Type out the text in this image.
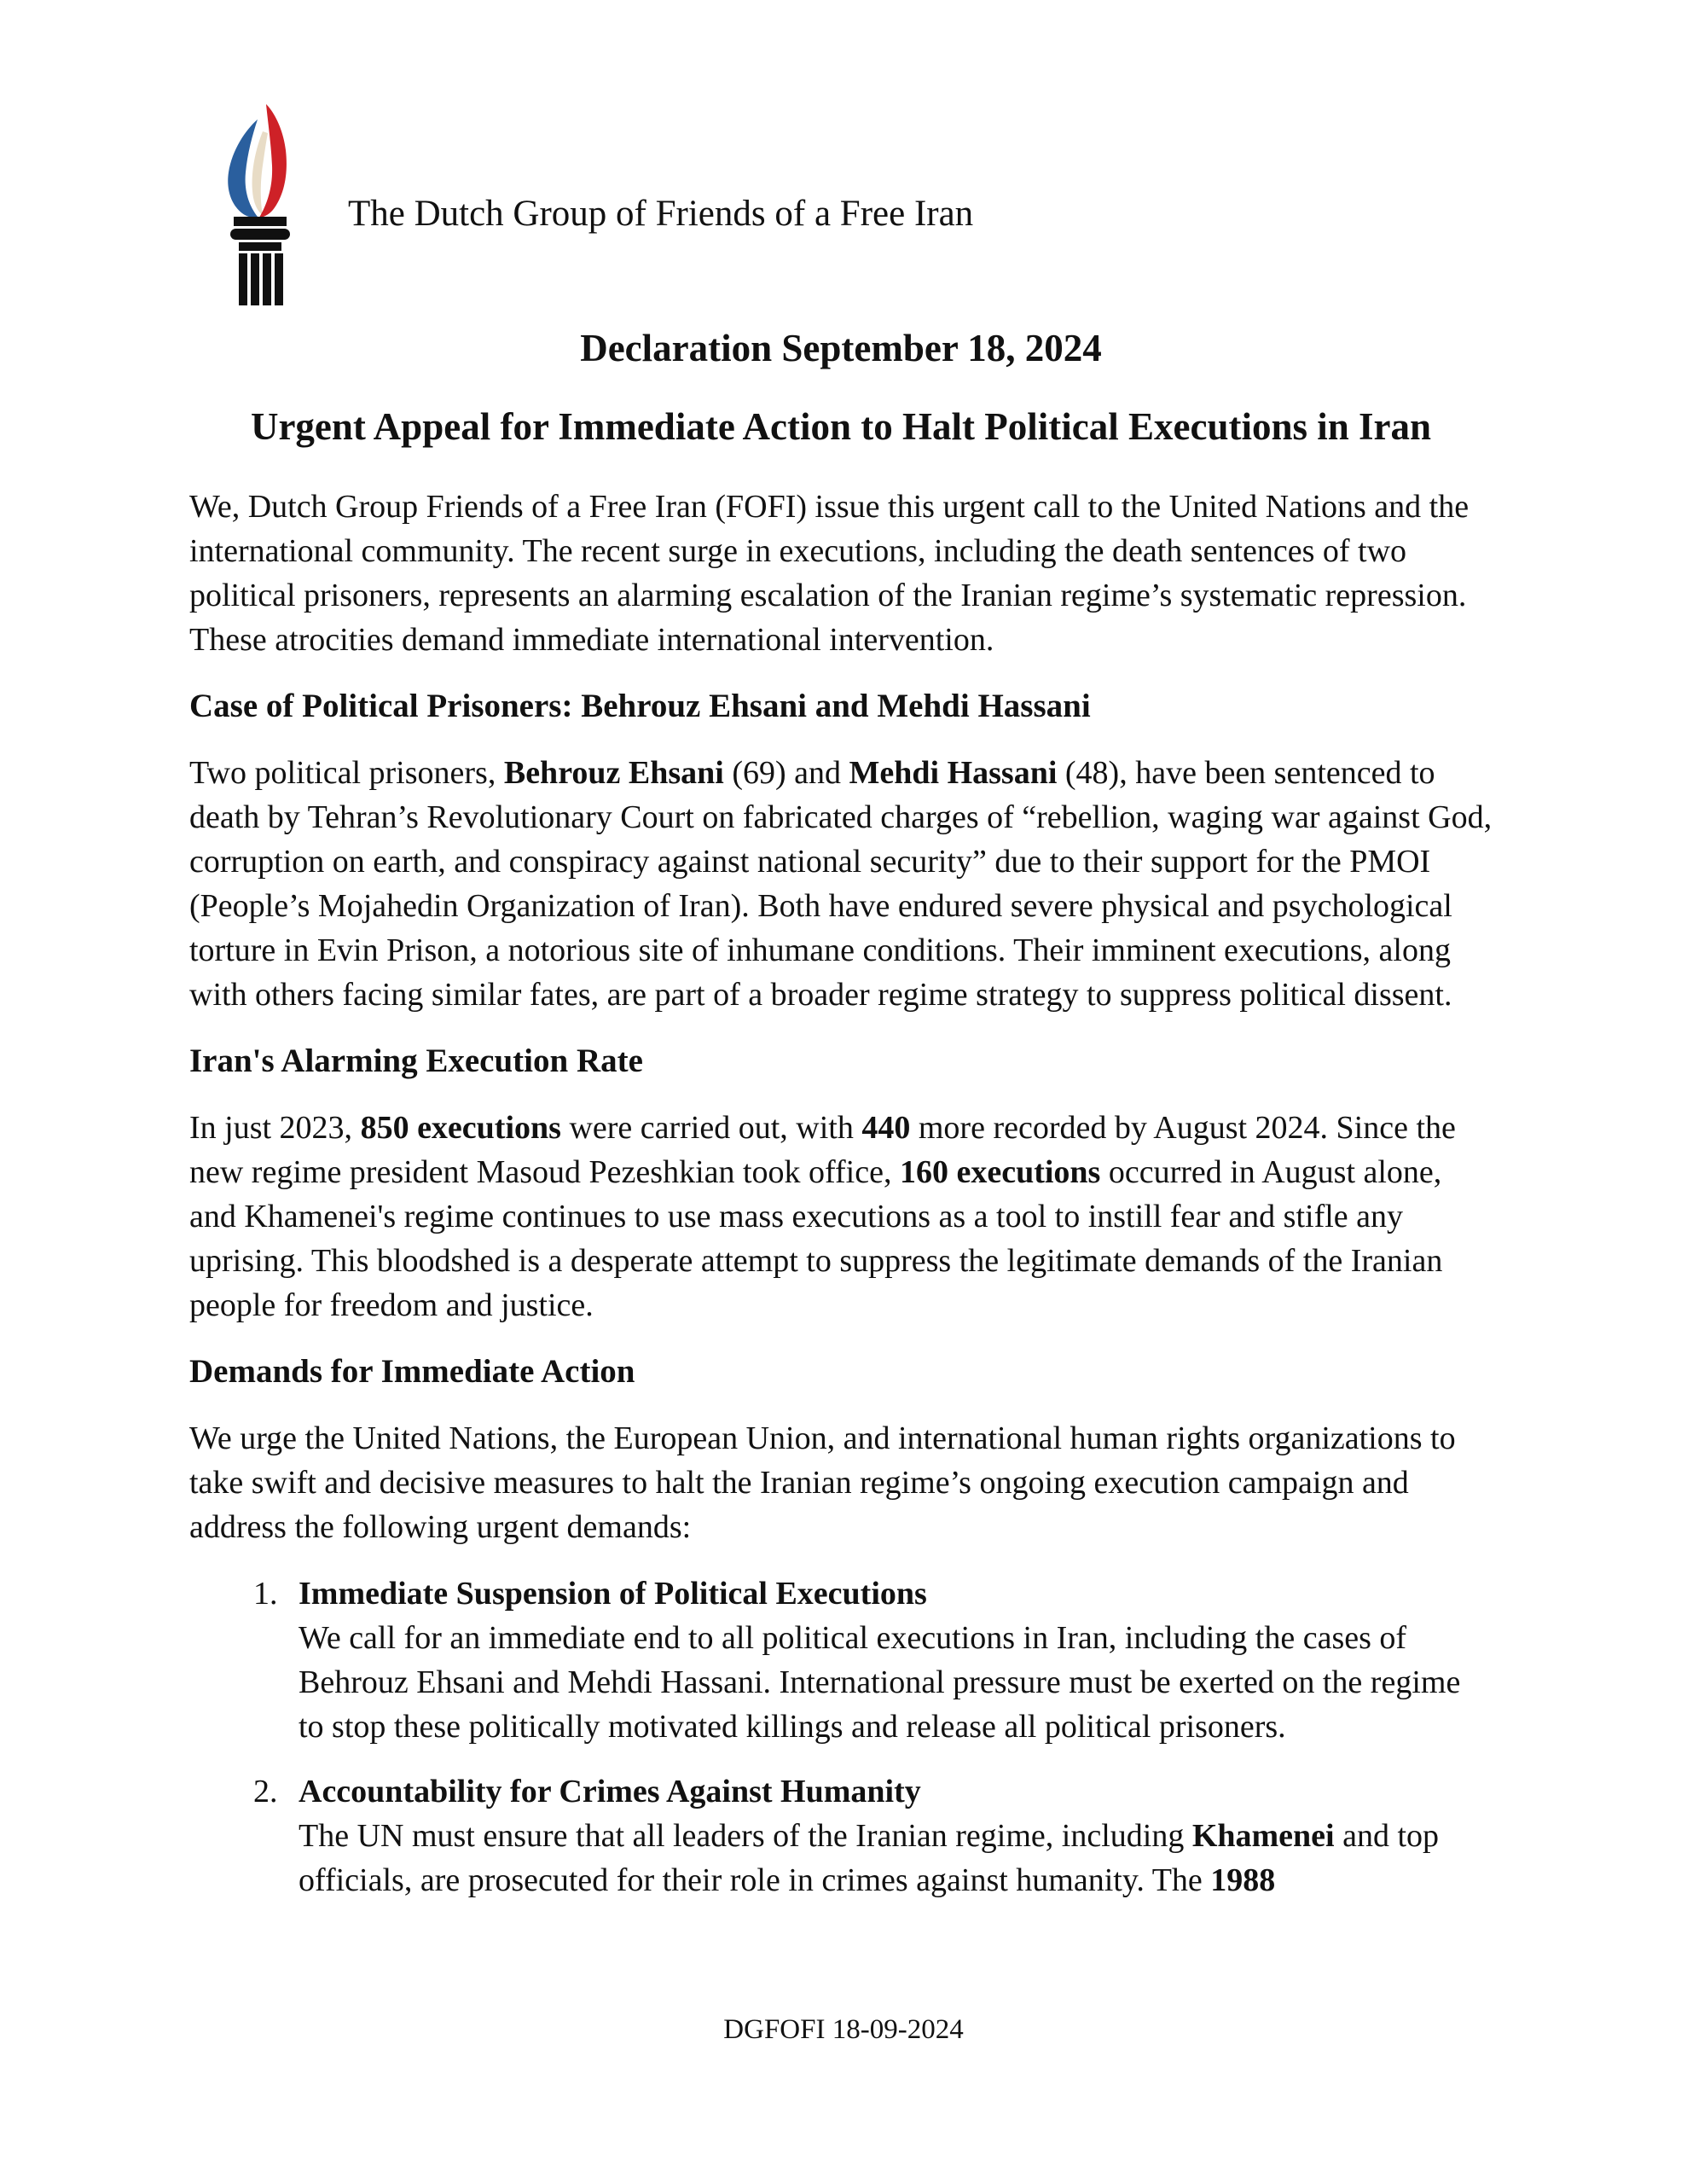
The Dutch Group of Friends of a Free Iran
Declaration September 18, 2024
Urgent Appeal for Immediate Action to Halt Political Executions in Iran

We, Dutch Group Friends of a Free Iran (FOFI) issue this urgent call to the United Nations and the international community. The recent surge in executions, including the death sentences of two political prisoners, represents an alarming escalation of the Iranian regime’s systematic repression. These atrocities demand immediate international intervention.

Case of Political Prisoners: Behrouz Ehsani and Mehdi Hassani

Two political prisoners, Behrouz Ehsani (69) and Mehdi Hassani (48), have been sentenced to death by Tehran’s Revolutionary Court on fabricated charges of “rebellion, waging war against God, corruption on earth, and conspiracy against national security” due to their support for the PMOI (People’s Mojahedin Organization of Iran). Both have endured severe physical and psychological torture in Evin Prison, a notorious site of inhumane conditions. Their imminent executions, along with others facing similar fates, are part of a broader regime strategy to suppress political dissent.

Iran's Alarming Execution Rate

In just 2023, 850 executions were carried out, with 440 more recorded by August 2024. Since the new regime president Masoud Pezeshkian took office, 160 executions occurred in August alone, and Khamenei's regime continues to use mass executions as a tool to instill fear and stifle any uprising. This bloodshed is a desperate attempt to suppress the legitimate demands of the Iranian people for freedom and justice.

Demands for Immediate Action

We urge the United Nations, the European Union, and international human rights organizations to take swift and decisive measures to halt the Iranian regime’s ongoing execution campaign and address the following urgent demands:

1. Immediate Suspension of Political Executions
We call for an immediate end to all political executions in Iran, including the cases of Behrouz Ehsani and Mehdi Hassani. International pressure must be exerted on the regime to stop these politically motivated killings and release all political prisoners.
2. Accountability for Crimes Against Humanity
The UN must ensure that all leaders of the Iranian regime, including Khamenei and top officials, are prosecuted for their role in crimes against humanity. The 1988
DGFOFI 18-09-2024
